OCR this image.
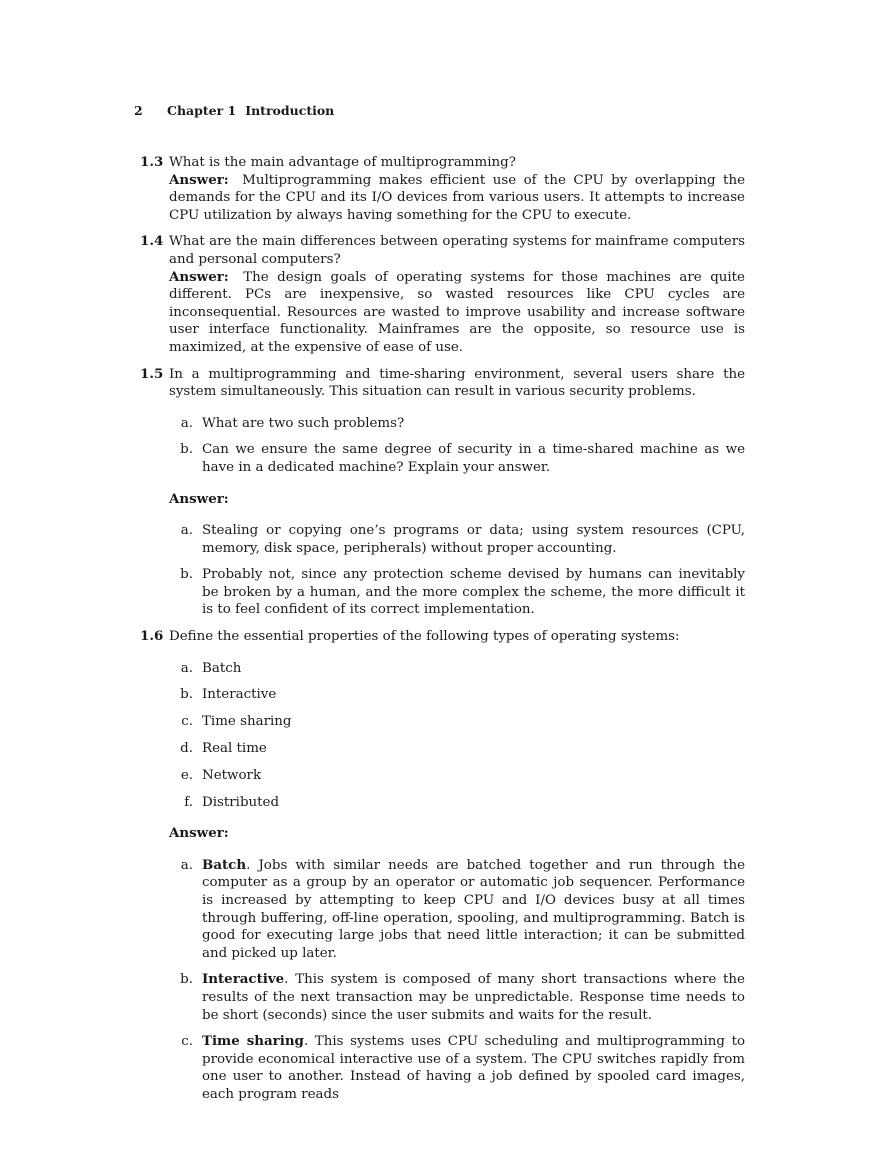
2 Chapter 1 Introduction
1.3 What is the main advantage of multiprogramming?

Answer: Multiprogramming makes efficient use of the CPU by overlapping the demands for the CPU and its I/O devices from various users. It attempts to increase CPU utilization by always having something for the CPU to execute.

1.4 What are the main differences between operating systems for mainframe computers and personal computers?

Answer: The design goals of operating systems for those machines are quite different. PCs are inexpensive, so wasted resources like CPU cycles are inconsequential. Resources are wasted to improve usability and increase software user interface functionality. Mainframes are the opposite, so resource use is maximized, at the expensive of ease of use.

1.5 In a multiprogramming and time-sharing environment, several users share the system simultaneously. This situation can result in various security problems.

a. What are two such problems?
b. Can we ensure the same degree of security in a time-shared machine as we have in a dedicated machine? Explain your answer.

Answer:

a. Stealing or copying one’s programs or data; using system resources (CPU, memory, disk space, peripherals) without proper accounting.
b. Probably not, since any protection scheme devised by humans can inevitably be broken by a human, and the more complex the scheme, the more difficult it is to feel confident of its correct implementation.
1.6 Define the essential properties of the following types of operating systems:

a. Batch
b. Interactive
c. Time sharing
d. Real time
e. Network
f. Distributed

Answer:

a. Batch. Jobs with similar needs are batched together and run through the computer as a group by an operator or automatic job sequencer. Performance is increased by attempting to keep CPU and I/O devices busy at all times through buffering, off-line operation, spooling, and multiprogramming. Batch is good for executing large jobs that need little interaction; it can be submitted and picked up later.
b. Interactive. This system is composed of many short transactions where the results of the next transaction may be unpredictable. Response time needs to be short (seconds) since the user submits and waits for the result.
c. Time sharing. This systems uses CPU scheduling and multiprogramming to provide economical interactive use of a system. The CPU switches rapidly from one user to another. Instead of having a job defined by spooled card images, each program reads
